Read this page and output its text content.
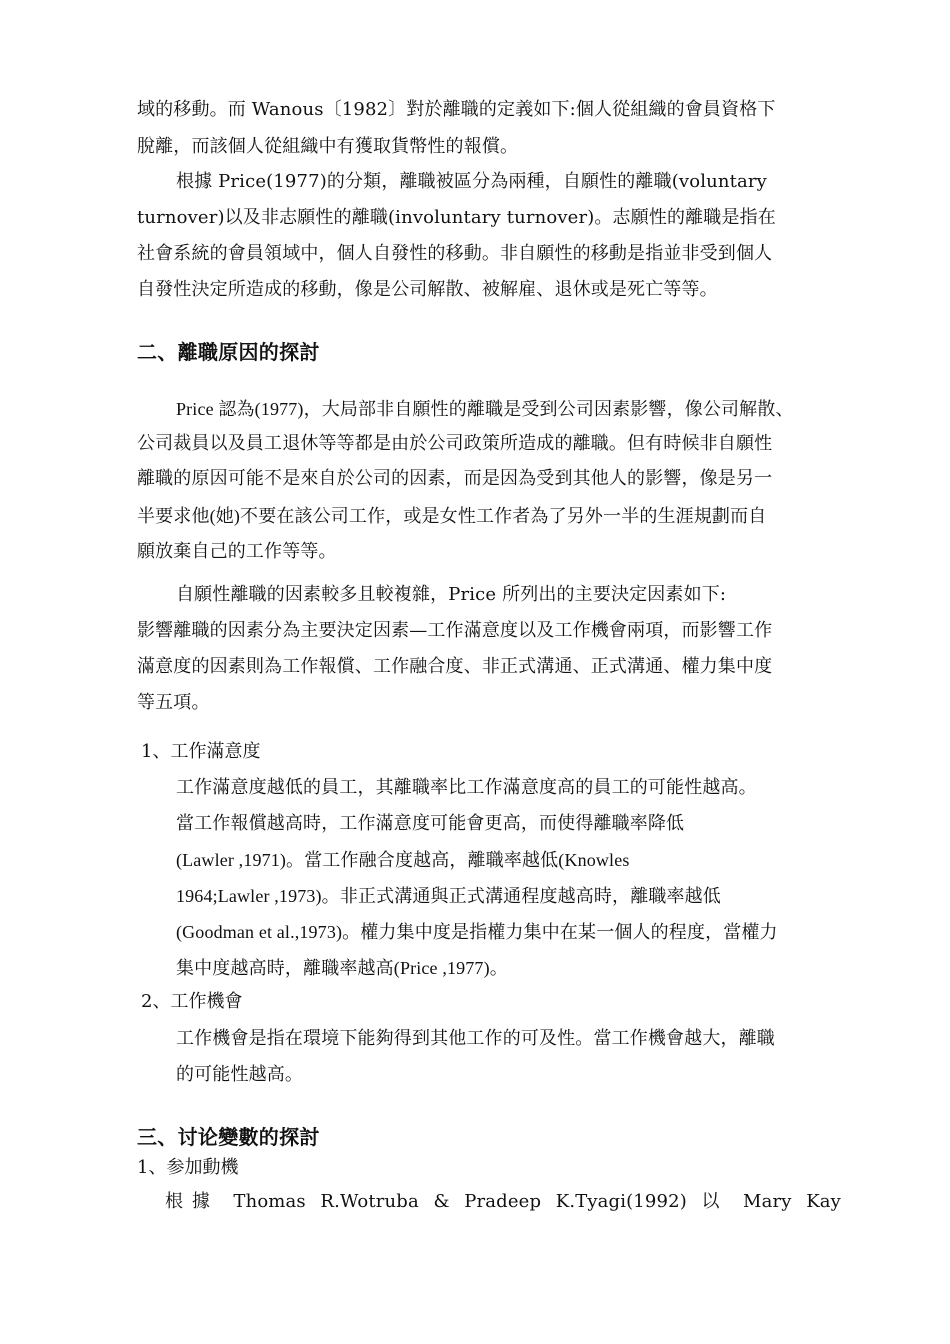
域的移動。而 Wanous〔1982〕對於離職的定義如下:個人從組織的會員資格下
脫離，而該個人從組織中有獲取貨幣性的報償。
根據 Price(1977)的分類，離職被區分為兩種，自願性的離職(voluntary
turnover)以及非志願性的離職(involuntary turnover)。志願性的離職是指在
社會系統的會員領域中，個人自發性的移動。非自願性的移動是指並非受到個人
自發性決定所造成的移動，像是公司解散、被解雇、退休或是死亡等等。
二、離職原因的探討
Price 認為(1977)，大局部非自願性的離職是受到公司因素影響，像公司解散、
公司裁員以及員工退休等等都是由於公司政策所造成的離職。但有時候非自願性
離職的原因可能不是來自於公司的因素，而是因為受到其他人的影響，像是另一
半要求他(她)不要在該公司工作，或是女性工作者為了另外一半的生涯規劃而自
願放棄自己的工作等等。
自願性離職的因素較多且較複雜，Price 所列出的主要決定因素如下:
影響離職的因素分為主要決定因素—工作滿意度以及工作機會兩項，而影響工作
滿意度的因素則為工作報償、工作融合度、非正式溝通、正式溝通、權力集中度
等五項。
1、工作滿意度
工作滿意度越低的員工，其離職率比工作滿意度高的員工的可能性越高。
當工作報償越高時，工作滿意度可能會更高，而使得離職率降低
(Lawler ,1971)。當工作融合度越高，離職率越低(Knowles
1964;Lawler ,1973)。非正式溝通與正式溝通程度越高時，離職率越低
(Goodman et al.,1973)。權力集中度是指權力集中在某一個人的程度，當權力
集中度越高時，離職率越高(Price ,1977)。
2、工作機會
工作機會是指在環境下能夠得到其他工作的可及性。當工作機會越大，離職
的可能性越高。
三、讨论變數的探討
1、参加動機
根據 Thomas R.Wotruba & Pradeep K.Tyagi(1992) 以 Mary Kay
